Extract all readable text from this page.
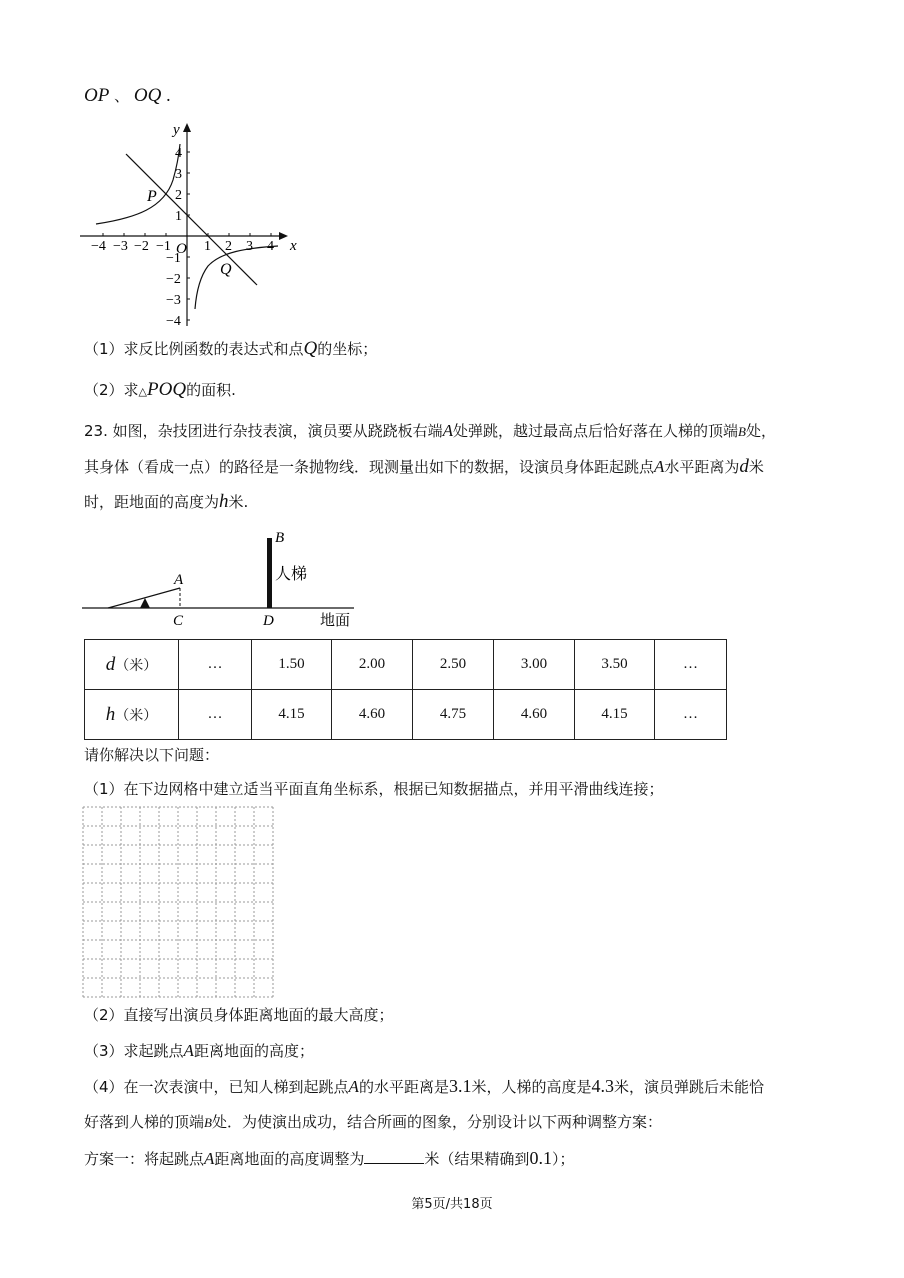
OP 、 OQ .
x
y
O
P
Q
−4 −3 −2 −1 1 2 3 4
4
3
2
1
−1
−2
−3
−4
（1）求反比例函数的表达式和点Q的坐标；
（2）求△POQ的面积.
23. 如图，杂技团进行杂技表演，演员要从跷跷板右端A处弹跳，越过最高点后恰好落在人梯的顶端B处，
其身体（看成一点）的路径是一条抛物线．现测量出如下的数据，设演员身体距起跳点A水平距离为d米
时，距地面的高度为h米.
B
人梯
A
C	D	地面
d（米）	…	1.50	2.00	2.50	3.00	3.50	…
h（米）	…	4.15	4.60	4.75	4.60	4.15	…
请你解决以下问题：
（1）在下边网格中建立适当平面直角坐标系，根据已知数据描点，并用平滑曲线连接；
（2）直接写出演员身体距离地面的最大高度；
（3）求起跳点A距离地面的高度；
（4）在一次表演中，已知人梯到起跳点A的水平距离是3.1米，人梯的高度是4.3米，演员弹跳后未能恰
好落到人梯的顶端B处．为使演出成功，结合所画的图象，分别设计以下两种调整方案：
方案一：将起跳点A距离地面的高度调整为	米（结果精确到0.1）；
第5页/共18页
